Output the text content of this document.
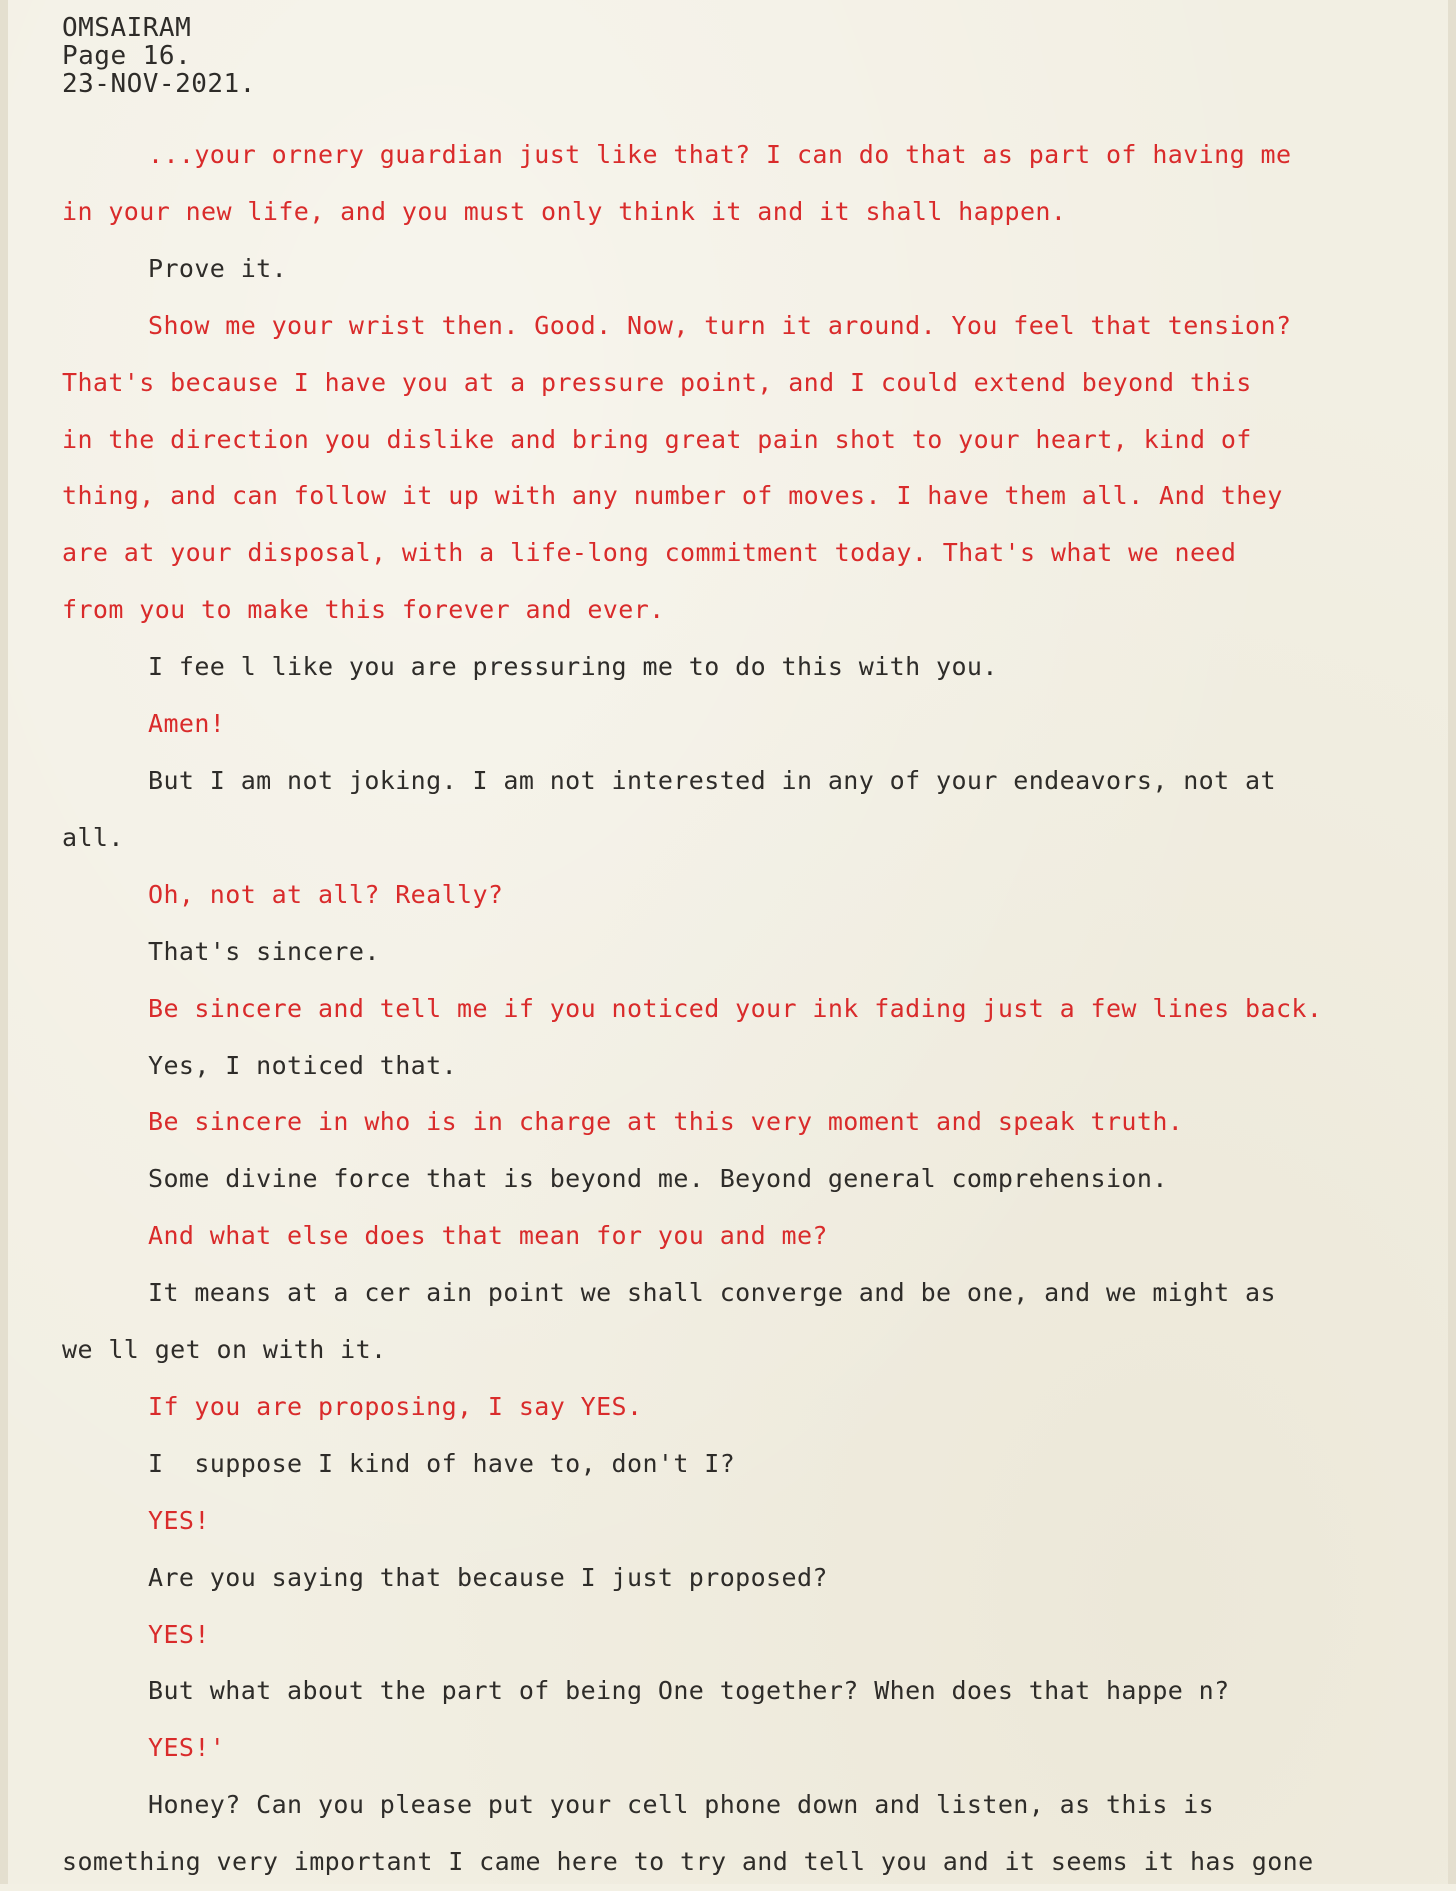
OMSAIRAM
Page 16.
23-NOV-2021.
...your ornery guardian just like that? I can do that as part of having me
in your new life, and you must only think it and it shall happen.
Prove it.
Show me your wrist then. Good. Now, turn it around. You feel that tension?
That's because I have you at a pressure point, and I could extend beyond this
in the direction you dislike and bring great pain shot to your heart, kind of
thing, and can follow it up with any number of moves. I have them all. And they
are at your disposal, with a life-long commitment today. That's what we need
from you to make this forever and ever.
I fee l like you are pressuring me to do this with you.
Amen!
But I am not joking. I am not interested in any of your endeavors, not at
all.
Oh, not at all? Really?
That's sincere.
Be sincere and tell me if you noticed your ink fading just a few lines back.
Yes, I noticed that.
Be sincere in who is in charge at this very moment and speak truth.
Some divine force that is beyond me. Beyond general comprehension.
And what else does that mean for you and me?
It means at a cer ain point we shall converge and be one, and we might as
we ll get on with it.
If you are proposing, I say YES.
I  suppose I kind of have to, don't I?
YES!
Are you saying that because I just proposed?
YES!
But what about the part of being One together? When does that happe n?
YES!'
Honey? Can you please put your cell phone down and listen, as this is
something very important I came here to try and tell you and it seems it has gone
